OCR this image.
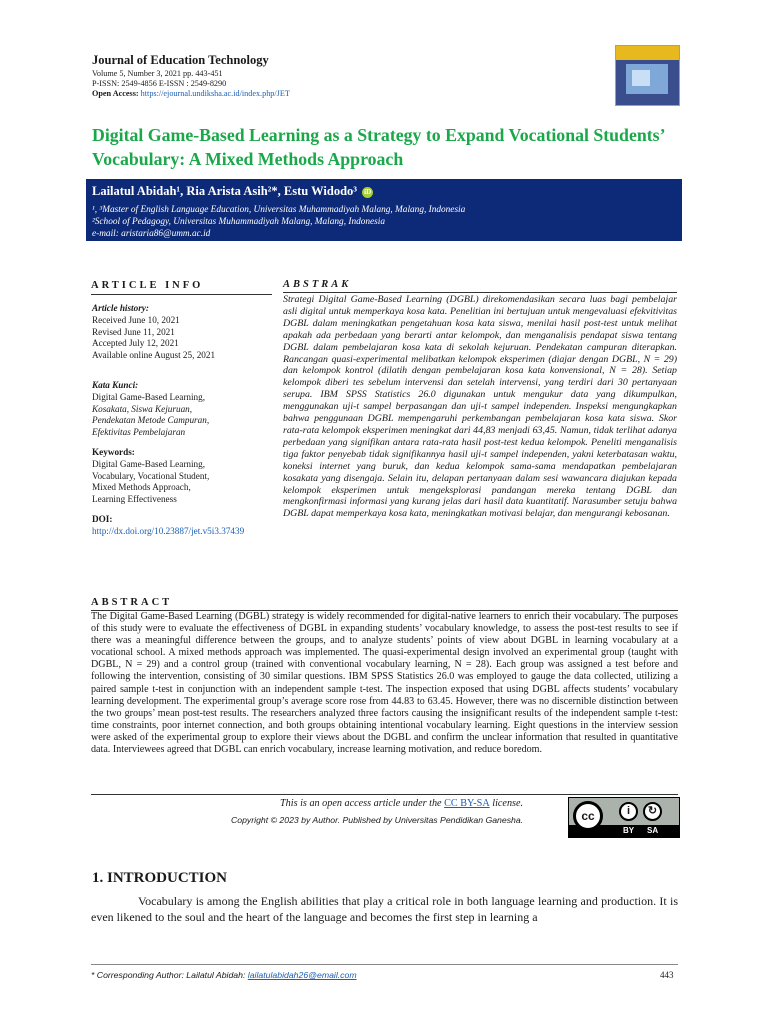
Journal of Education Technology
Volume 5, Number 3, 2021 pp. 443-451
P-ISSN: 2549-4856 E-ISSN : 2549-8290
Open Access: https://ejournal.undiksha.ac.id/index.php/JET
Digital Game-Based Learning as a Strategy to Expand Vocational Students’ Vocabulary: A Mixed Methods Approach
Lailatul Abidah¹, Ria Arista Asih²*, Estu Widodo³ iD
¹, ³Master of English Language Education, Universitas Muhammadiyah Malang, Malang, Indonesia
²School of Pedagogy, Universitas Muhammadiyah Malang, Malang, Indonesia
e-mail: aristaria86@umm.ac.id
ARTICLE INFO
Article history:
Received June 10, 2021
Revised June 11, 2021
Accepted July 12, 2021
Available online August 25, 2021
Kata Kunci:
Digital Game-Based Learning,
Kosakata, Siswa Kejuruan,
Pendekatan Metode Campuran,
Efektivitas Pembelajaran
Keywords:
Digital Game-Based Learning,
Vocabulary, Vocational Student,
Mixed Methods Approach,
Learning Effectiveness
DOI:
http://dx.doi.org/10.23887/jet.v5i3.37439
ABSTRAK
Strategi Digital Game-Based Learning (DGBL) direkomendasikan secara luas bagi pembelajar asli digital untuk memperkaya kosa kata. Penelitian ini bertujuan untuk mengevaluasi efekvitivitas DGBL dalam meningkatkan pengetahuan kosa kata siswa, menilai hasil post-test untuk melihat apakah ada perbedaan yang berarti antar kelompok, dan menganalisis pendapat siswa tentang DGBL dalam pembelajaran kosa kata di sekolah kejuruan. Pendekatan campuran diterapkan. Rancangan quasi-experimental melibatkan kelompok eksperimen (diajar dengan DGBL, N = 29) dan kelompok kontrol (dilatih dengan pembelajaran kosa kata konvensional, N = 28). Setiap kelompok diberi tes sebelum intervensi dan setelah intervensi, yang terdiri dari 30 pertanyaan serupa. IBM SPSS Statistics 26.0 digunakan untuk mengukur data yang dikumpulkan, menggunakan uji-t sampel berpasangan dan uji-t sampel independen. Inspeksi mengungkapkan bahwa penggunaan DGBL mempengaruhi perkembangan pembelajaran kosa kata siswa. Skor rata-rata kelompok eksperimen meningkat dari 44,83 menjadi 63,45. Namun, tidak terlihat adanya perbedaan yang signifikan antara rata-rata hasil post-test kedua kelompok. Peneliti menganalisis tiga faktor penyebab tidak signifikannya hasil uji-t sampel independen, yakni keterbatasan waktu, koneksi internet yang buruk, dan kedua kelompok sama-sama mendapatkan pembelajaran kosakata yang disengaja. Selain itu, delapan pertanyaan dalam sesi wawancara diajukan kepada kelompok eksperimen untuk mengeksplorasi pandangan mereka tentang DGBL dan mengkonfirmasi informasi yang kurang jelas dari hasil data kuantitatif. Narasumber setuju bahwa DGBL dapat memperkaya kosa kata, meningkatkan motivasi belajar, dan mengurangi kebosanan.
ABSTRACT
The Digital Game-Based Learning (DGBL) strategy is widely recommended for digital-native learners to enrich their vocabulary. The purposes of this study were to evaluate the effectiveness of DGBL in expanding students’ vocabulary knowledge, to assess the post-test results to see if there was a meaningful difference between the groups, and to analyze students’ points of view about DGBL in learning vocabulary at a vocational school. A mixed methods approach was implemented. The quasi-experimental design involved an experimental group (taught with DGBL, N = 29) and a control group (trained with conventional vocabulary learning, N = 28). Each group was assigned a test before and following the intervention, consisting of 30 similar questions. IBM SPSS Statistics 26.0 was employed to gauge the data collected, utilizing a paired sample t-test in conjunction with an independent sample t-test. The inspection exposed that using DGBL affects students’ vocabulary learning development. The experimental group’s average score rose from 44.83 to 63.45. However, there was no discernible distinction between the two groups’ mean post-test results. The researchers analyzed three factors causing the insignificant results of the independent sample t-test: time constraints, poor internet connection, and both groups obtaining intentional vocabulary learning. Eight questions in the interview session were asked of the experimental group to explore their views about the DGBL and confirm the unclear information that resulted in quantitative data. Interviewees agreed that DGBL can enrich vocabulary, increase learning motivation, and reduce boredom.
This is an open access article under the CC BY-SA license.
Copyright © 2023 by Author. Published by Universitas Pendidikan Ganesha.	cc	i	↻
BY SA
1. INTRODUCTION
Vocabulary is among the English abilities that play a critical role in both language learning and production. It is even likened to the soul and the heart of the language and becomes the first step in learning a
* Corresponding Author: Lailatul Abidah: lailatulabidah26@email.com	443
